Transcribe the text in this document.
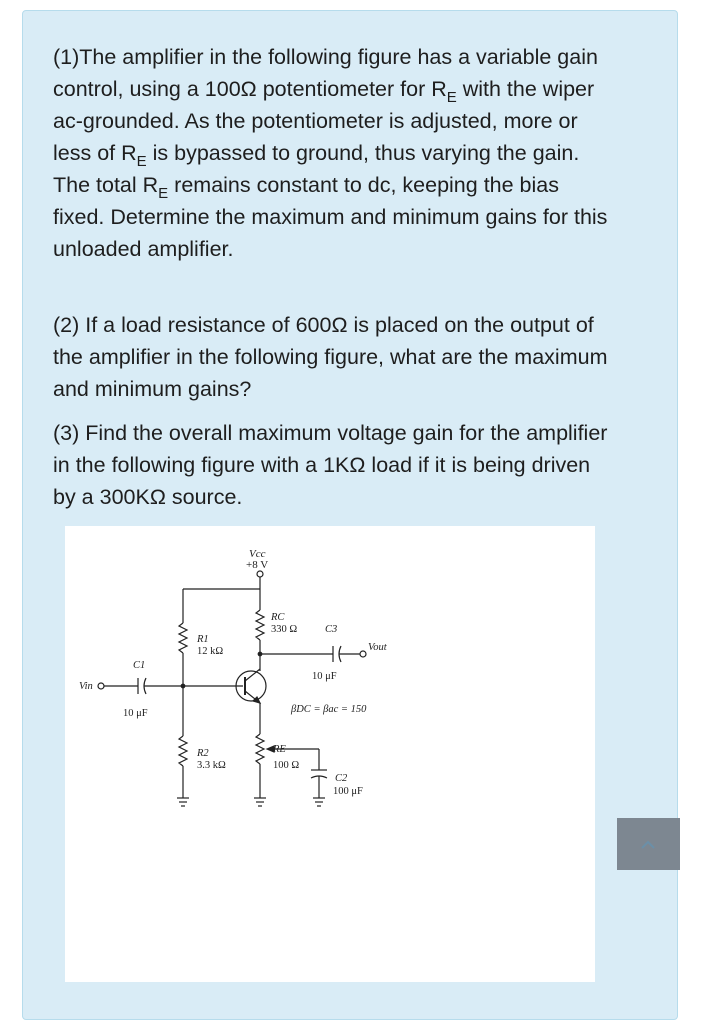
(1)The amplifier in the following figure has a variable gain control, using a 100Ω potentiometer for $R_E$ with the wiper ac-grounded. As the potentiometer is adjusted, more or less of $R_E$ is bypassed to ground, thus varying the gain. The total $R_E$ remains constant to dc, keeping the bias fixed. Determine the maximum and minimum gains for this unloaded amplifier.

(2) If a load resistance of 600Ω is placed on the output of the amplifier in the following figure, what are the maximum and minimum gains?

(3) Find the overall maximum voltage gain for the amplifier in the following figure with a 1KΩ load if it is being driven by a 300KΩ source.

Vcc
+8 V
RC
330 Ω	C3
10 μF
Vout
R1
12 kΩ
C1
10 μF
Vin
βDC = βac = 150
R2
3.3 kΩ
RE
100 Ω
C2
100 μF
